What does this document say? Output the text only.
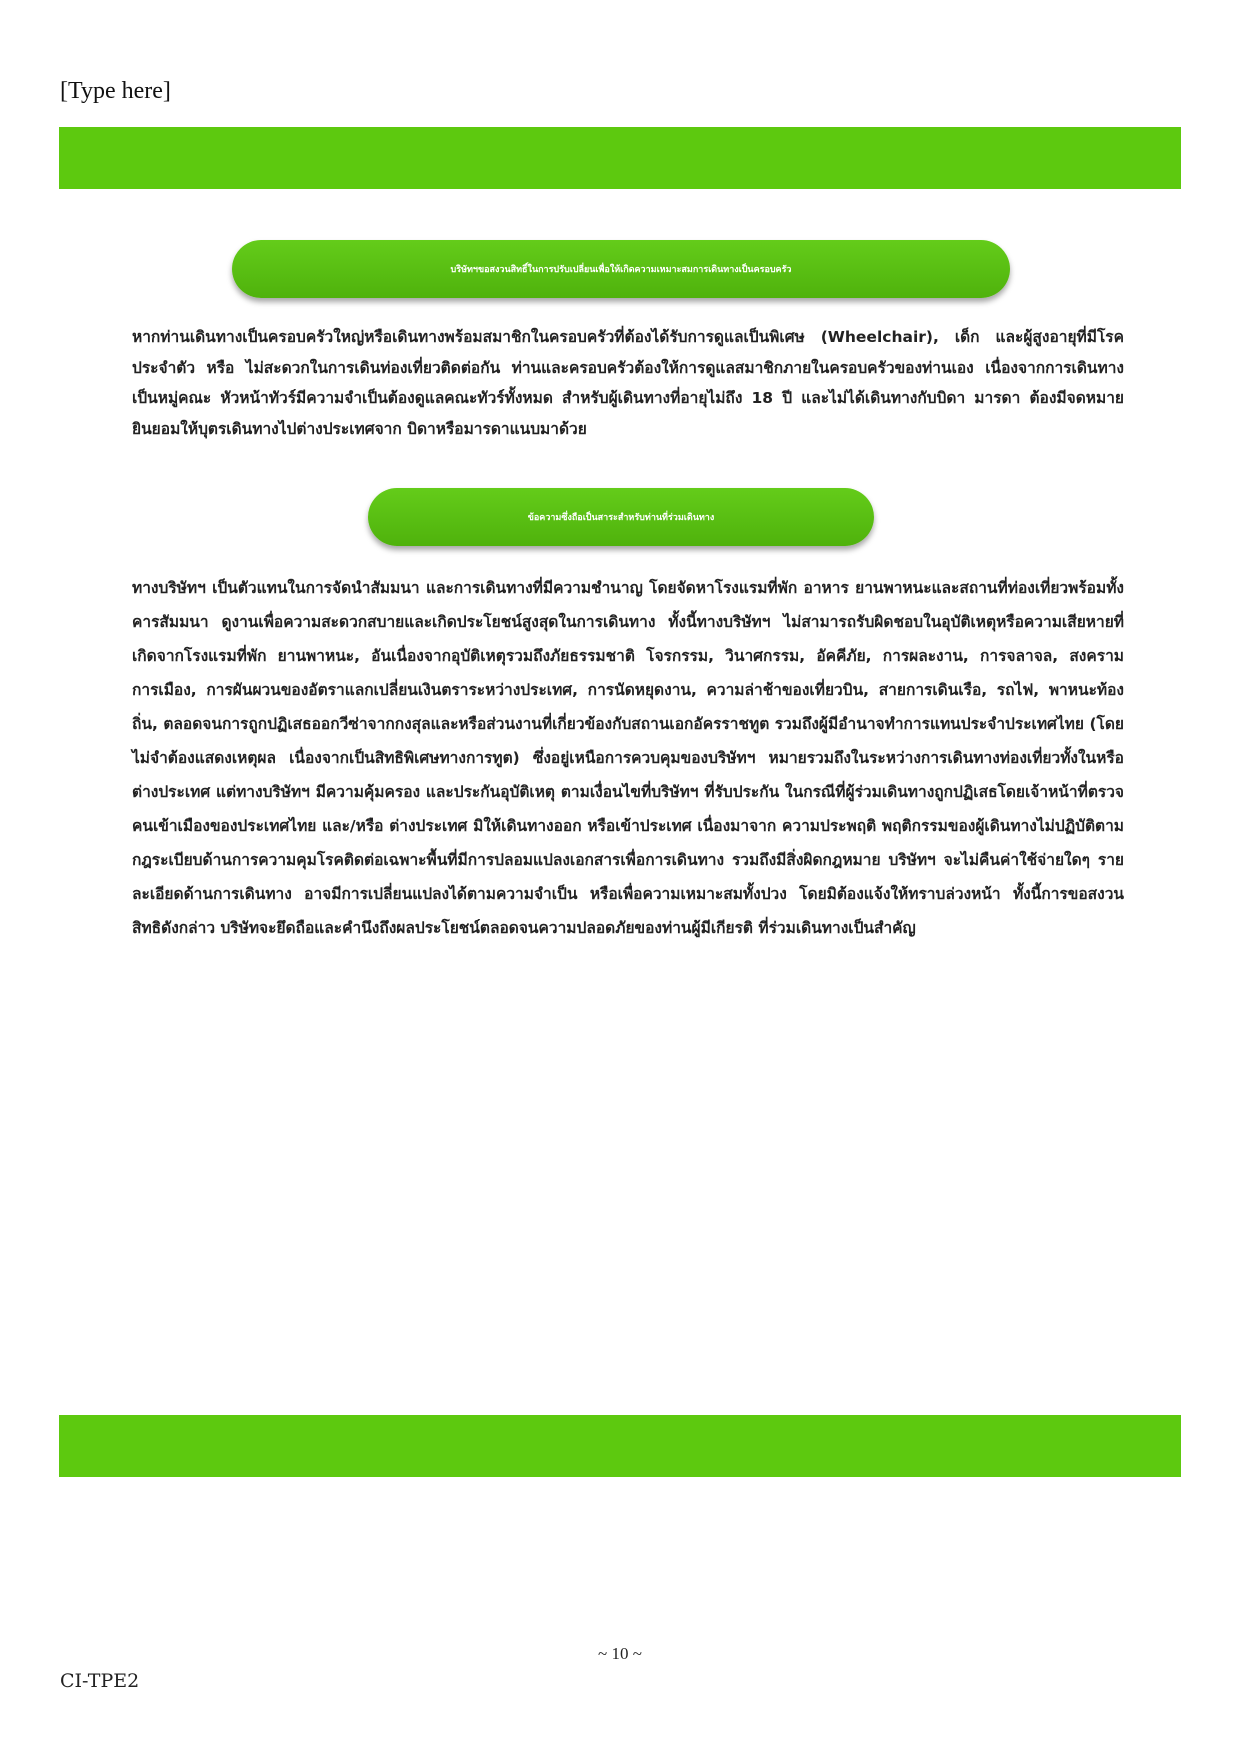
[Type here]
บริษัทฯขอสงวนสิทธิ์ในการปรับเปลี่ยนเพื่อให้เกิดความเหมาะสมการเดินทางเป็นครอบครัว
หากท่านเดินทางเป็นครอบครัวใหญ่หรือเดินทางพร้อมสมาชิกในครอบครัวที่ต้องได้รับการดูแลเป็นพิเศษ (Wheelchair), เด็ก และผู้สูงอายุที่มีโรคประจำตัว หรือ ไม่สะดวกในการเดินท่องเที่ยวติดต่อกัน ท่านและครอบครัวต้องให้การดูแลสมาชิกภายในครอบครัวของท่านเอง เนื่องจากการเดินทางเป็นหมู่คณะ หัวหน้าทัวร์มีความจำเป็นต้องดูแลคณะทัวร์ทั้งหมด สำหรับผู้เดินทางที่อายุไม่ถึง 18 ปี และไม่ได้เดินทางกับบิดา มารดา ต้องมีจดหมายยินยอมให้บุตรเดินทางไปต่างประเทศจาก บิดาหรือมารดาแนบมาด้วย
ข้อความซึ่งถือเป็นสาระสำหรับท่านที่ร่วมเดินทาง
ทางบริษัทฯ เป็นตัวแทนในการจัดนำสัมมนา และการเดินทางที่มีความชำนาญ โดยจัดหาโรงแรมที่พัก อาหาร ยานพาหนะและสถานที่ท่องเที่ยวพร้อมทั้งคารสัมมนา ดูงานเพื่อความสะดวกสบายและเกิดประโยชน์สูงสุดในการเดินทาง ทั้งนี้ทางบริษัทฯ ไม่สามารถรับผิดชอบในอุบัติเหตุหรือความเสียหายที่เกิดจากโรงแรมที่พัก ยานพาหนะ, อันเนื่องจากอุบัติเหตุรวมถึงภัยธรรมชาติ โจรกรรม, วินาศกรรม, อัคคีภัย, การผละงาน, การจลาจล, สงครามการเมือง, การผันผวนของอัตราแลกเปลี่ยนเงินตราระหว่างประเทศ, การนัดหยุดงาน, ความล่าช้าของเที่ยวบิน, สายการเดินเรือ, รถไฟ, พาหนะท้องถิ่น, ตลอดจนการถูกปฏิเสธออกวีซ่าจากกงสุลและหรือส่วนงานที่เกี่ยวข้องกับสถานเอกอัครราชทูต รวมถึงผู้มีอำนาจทำการแทนประจำประเทศไทย (โดยไม่จำต้องแสดงเหตุผล เนื่องจากเป็นสิทธิพิเศษทางการทูต) ซึ่งอยู่เหนือการควบคุมของบริษัทฯ หมายรวมถึงในระหว่างการเดินทางท่องเที่ยวทั้งในหรือต่างประเทศ แต่ทางบริษัทฯ มีความคุ้มครอง และประกันอุบัติเหตุ ตามเงื่อนไขที่บริษัทฯ ที่รับประกัน ในกรณีที่ผู้ร่วมเดินทางถูกปฏิเสธโดยเจ้าหน้าที่ตรวจคนเข้าเมืองของประเทศไทย และ/หรือ ต่างประเทศ มิให้เดินทางออก หรือเข้าประเทศ เนื่องมาจาก ความประพฤติ พฤติกรรมของผู้เดินทางไม่ปฏิบัติตามกฎระเบียบด้านการความคุมโรคติดต่อเฉพาะพื้นที่มีการปลอมแปลงเอกสารเพื่อการเดินทาง รวมถึงมีสิ่งผิดกฎหมาย บริษัทฯ จะไม่คืนค่าใช้จ่ายใดๆ รายละเอียดด้านการเดินทาง อาจมีการเปลี่ยนแปลงได้ตามความจำเป็น หรือเพื่อความเหมาะสมทั้งปวง โดยมิต้องแจ้งให้ทราบล่วงหน้า ทั้งนี้การขอสงวนสิทธิดังกล่าว บริษัทจะยึดถือและคำนึงถึงผลประโยชน์ตลอดจนความปลอดภัยของท่านผู้มีเกียรติ ที่ร่วมเดินทางเป็นสำคัญ
~ 10 ~
CI-TPE2
